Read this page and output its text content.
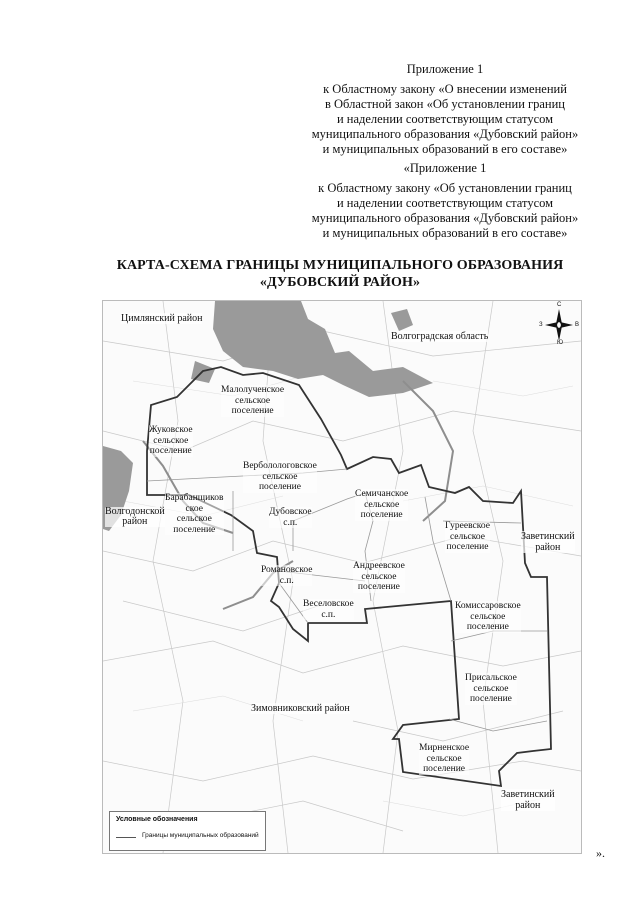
Приложение 1
к Областному закону «О внесении изменений
в Областной закон «Об установлении границ
и наделении соответствующим статусом
муниципального образования «Дубовский район»
и муниципальных образований в его составе»
«Приложение 1
к Областному закону «Об установлении границ
и наделении соответствующим статусом
муниципального образования «Дубовский район»
и муниципальных образований в его составе»
КАРТА-СХЕМА ГРАНИЦЫ МУНИЦИПАЛЬНОГО ОБРАЗОВАНИЯ
«ДУБОВСКИЙ РАЙОН»
Цимлянский район
Волгоградская область
Волгодонской
район
Заветинский
район
Зимовниковский район
Заветинский
район
Малолученское
сельское
поселение
Жуковское
сельское
поселение
Верболологовское
сельское
поселение
Барабанщиков
ское
сельское
поселение
Дубовское
с.п.
Семичанское
сельское
поселение
Гуреевское
сельское
поселение
Романовское
с.п.
Андреевское
сельское
поселение
Веселовское
с.п.
Комиссаровское
сельское
поселение
Присальское
сельское
поселение
Мирненское
сельское
поселение
С
Ю
З	В
Условные обозначения
Границы муниципальных образований
».
